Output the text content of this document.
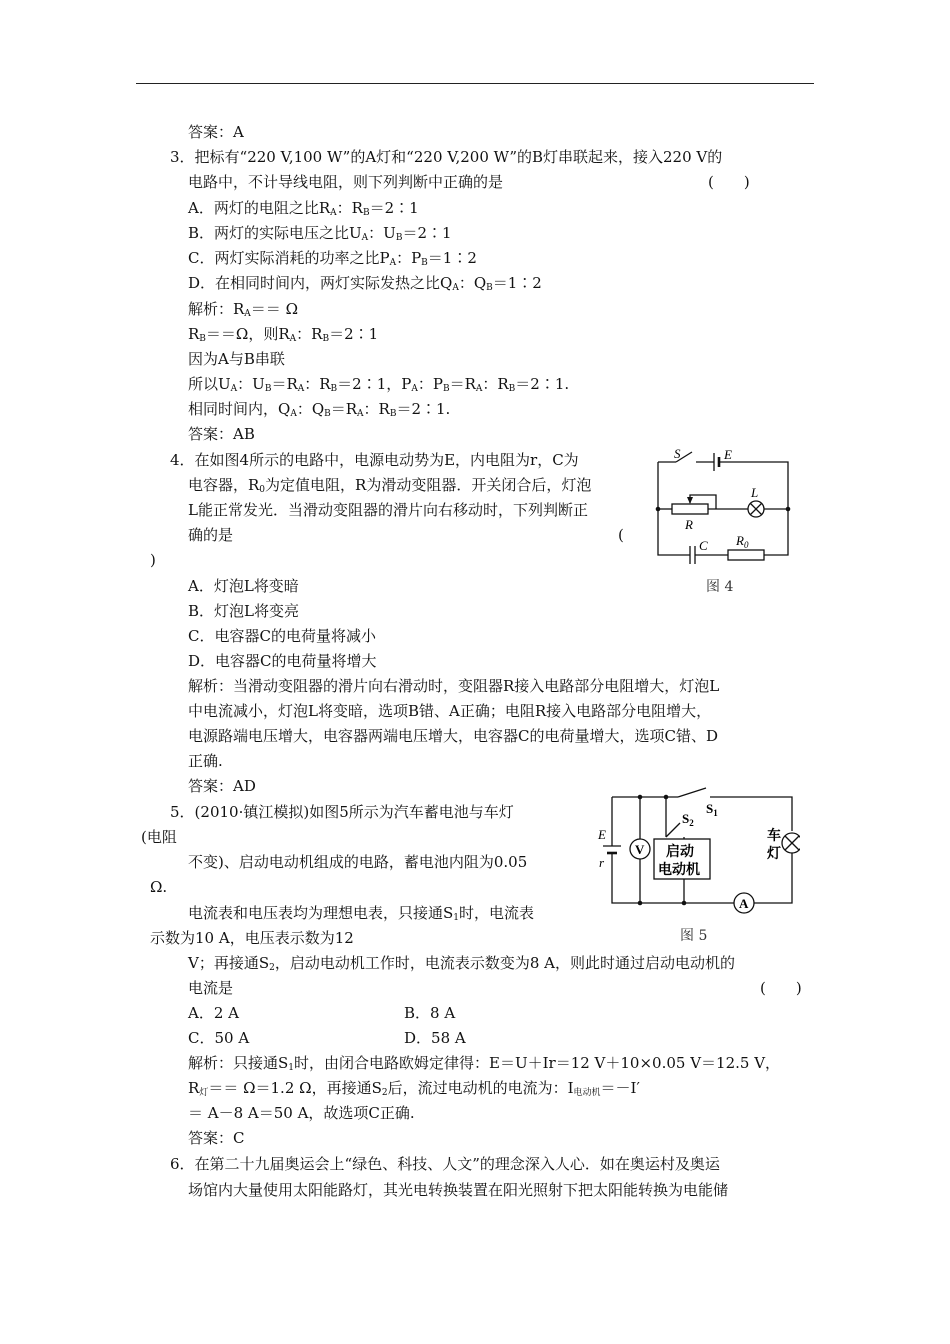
答案：A
3．把标有“220 V,100 W”的A灯和“220 V,200 W”的B灯串联起来，接入220 V的
电路中，不计导线电阻，则下列判断中正确的是	(　　)
A．两灯的电阻之比$R_A$：$R_B=2∶1$
B．两灯的实际电压之比$U_A$：$U_B=2∶1$
C．两灯实际消耗的功率之比$P_A$：$P_B=1∶2$
D．在相同时间内，两灯实际发热之比$Q_A$：$Q_B=1∶2$
解析：$R_A== \Omega$
$R_B==\Omega$，则$R_A$：$R_B=2∶1$
因为A与B串联
所以$U_A$：$U_B=R_A$：$R_B=2∶1$，$P_A$：$P_B=R_A$：$R_B=2∶1$.
相同时间内，$Q_A$：$Q_B=R_A$：$R_B=2∶1$.
答案：AB
4．在如图4所示的电路中，电源电动势为E，内电阻为r，C为
电容器，$R_0$为定值电阻，R为滑动变阻器．开关闭合后，灯泡
L能正常发光．当滑动变阻器的滑片向右移动时，下列判断正
确的是	(
)
S	E
R
L
C $R_0$
图 4
A．灯泡L将变暗
B．灯泡L将变亮
C．电容器C的电荷量将减小
D．电容器C的电荷量将增大
解析：当滑动变阻器的滑片向右滑动时，变阻器R接入电路部分电阻增大，灯泡L
中电流减小，灯泡L将变暗，选项B错、A正确；电阻R接入电路部分电阻增大，
电源路端电压增大，电容器两端电压增大，电容器C的电荷量增大，选项C错、D
正确.
答案：AD
5．(2010·镇江模拟)如图5所示为汽车蓄电池与车灯
(电阻
不变)、启动电动机组成的电路，蓄电池内阻为0.05
Ω.
电流表和电压表均为理想电表，只接通$S_1$时，电流表
示数为10 A，电压表示数为12
V；再接通$S_2$，启动电动机工作时，电流表示数变为8 A，则此时通过启动电动机的
电流是	(　　)
E
r
V
A
$S_1$
$S_2$
启动
电动机
车
灯
图 5
A．2 A	B．8 A
C．50 A	D．58 A
解析：只接通$S_1$时，由闭合电路欧姆定律得：E＝U＋Ir＝12 V＋10×0.05 V＝12.5 V，
$R_灯== \Omega=1.2$ Ω，再接通$S_2$后，流过电动机的电流为：$I_{电动机}=-I'$
＝ A－8 A＝50 A，故选项C正确.
答案：C
6．在第二十九届奥运会上“绿色、科技、人文”的理念深入人心．如在奥运村及奥运
场馆内大量使用太阳能路灯，其光电转换装置在阳光照射下把太阳能转换为电能储
